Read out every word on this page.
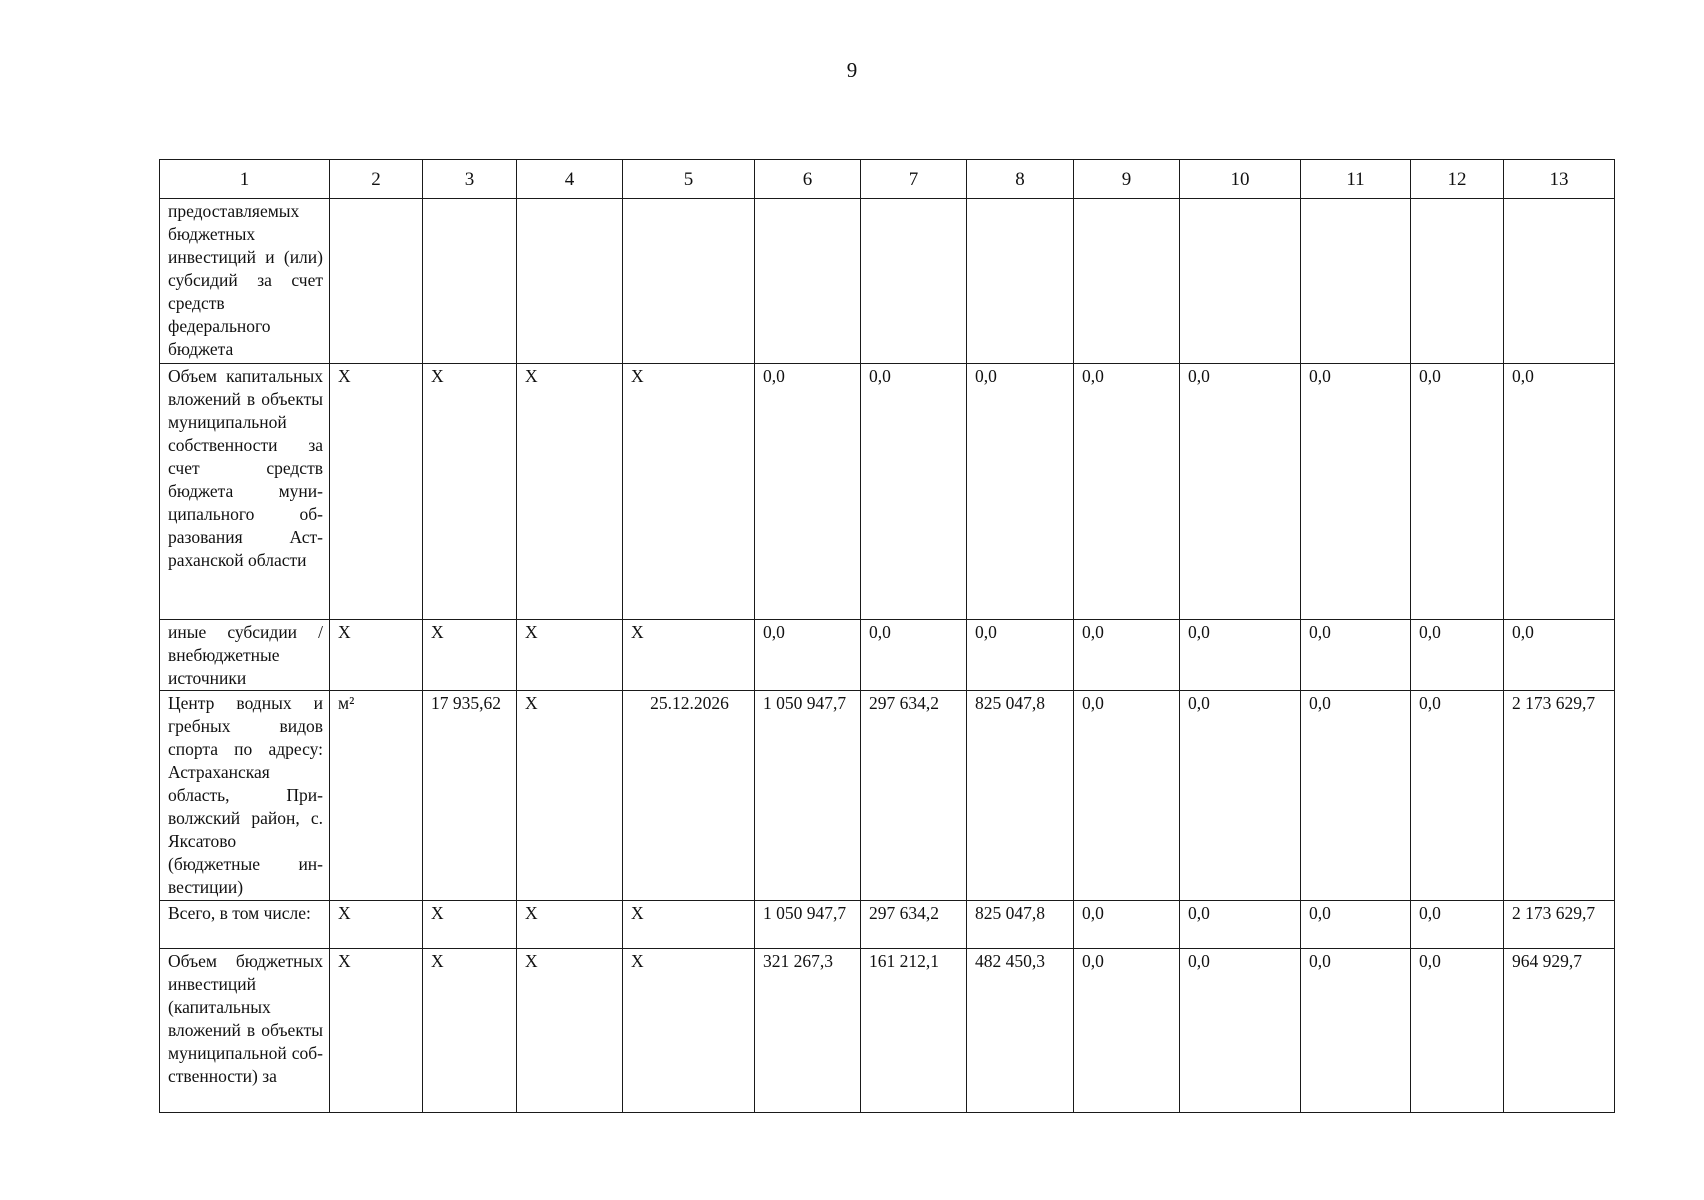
9
1	2	3	4	5	6	7	8	9	10	11	12	13
предоставляемых бюджетных инвестиций и (или) субсидий за счет средств федерального бюджета												
Объем капитальных вложений в объекты муниципальной собственности за счет средств бюджета муниципального образования Астраханской области	X	X	X	X	0,0	0,0	0,0	0,0	0,0	0,0	0,0	0,0
иные субсидии / внебюджетные источники	X	X	X	X	0,0	0,0	0,0	0,0	0,0	0,0	0,0	0,0
Центр водных и гребных видов спорта по адресу: Астраханская область, Приволжский район, с. Яксатово (бюджетные инвестиции)	м²	17 935,62	X	25.12.2026	1 050 947,7	297 634,2	825 047,8	0,0	0,0	0,0	0,0	2 173 629,7
Всего, в том числе:	X	X	X	X	1 050 947,7	297 634,2	825 047,8	0,0	0,0	0,0	0,0	2 173 629,7
Объем бюджетных инвестиций (капитальных вложений в объекты муниципальной собственности) за	X	X	X	X	321 267,3	161 212,1	482 450,3	0,0	0,0	0,0	0,0	964 929,7
